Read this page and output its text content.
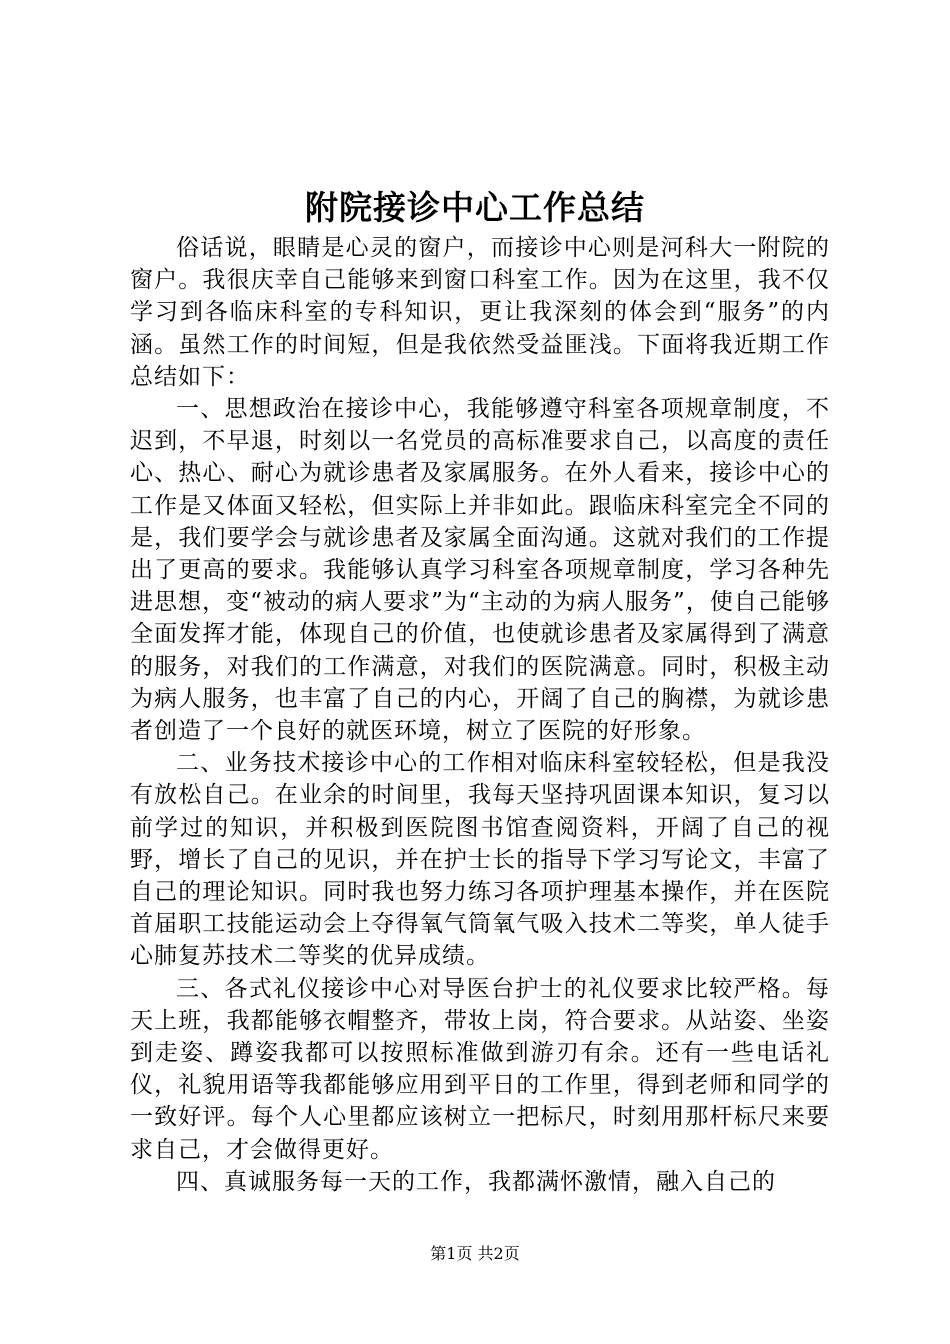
附院接诊中心工作总结

俗话说，眼睛是心灵的窗户，而接诊中心则是河科大一附院的窗户。我很庆幸自己能够来到窗口科室工作。因为在这里，我不仅学习到各临床科室的专科知识，更让我深刻的体会到“服务”的内涵。虽然工作的时间短，但是我依然受益匪浅。下面将我近期工作总结如下：

一、思想政治在接诊中心，我能够遵守科室各项规章制度，不迟到，不早退，时刻以一名党员的高标准要求自己，以高度的责任心、热心、耐心为就诊患者及家属服务。在外人看来，接诊中心的工作是又体面又轻松，但实际上并非如此。跟临床科室完全不同的是，我们要学会与就诊患者及家属全面沟通。这就对我们的工作提出了更高的要求。我能够认真学习科室各项规章制度，学习各种先进思想，变“被动的病人要求”为“主动的为病人服务”，使自己能够全面发挥才能，体现自己的价值，也使就诊患者及家属得到了满意的服务，对我们的工作满意，对我们的医院满意。同时，积极主动为病人服务，也丰富了自己的内心，开阔了自己的胸襟，为就诊患者创造了一个良好的就医环境，树立了医院的好形象。

二、业务技术接诊中心的工作相对临床科室较轻松，但是我没有放松自己。在业余的时间里，我每天坚持巩固课本知识，复习以前学过的知识，并积极到医院图书馆查阅资料，开阔了自己的视野，增长了自己的见识，并在护士长的指导下学习写论文，丰富了自己的理论知识。同时我也努力练习各项护理基本操作，并在医院首届职工技能运动会上夺得氧气筒氧气吸入技术二等奖，单人徒手心肺复苏技术二等奖的优异成绩。

三、各式礼仪接诊中心对导医台护士的礼仪要求比较严格。每天上班，我都能够衣帽整齐，带妆上岗，符合要求。从站姿、坐姿到走姿、蹲姿我都可以按照标准做到游刃有余。还有一些电话礼仪，礼貌用语等我都能够应用到平日的工作里，得到老师和同学的一致好评。每个人心里都应该树立一把标尺，时刻用那杆标尺来要求自己，才会做得更好。

四、真诚服务每一天的工作，我都满怀激情，融入自己的

第1页 共2页
